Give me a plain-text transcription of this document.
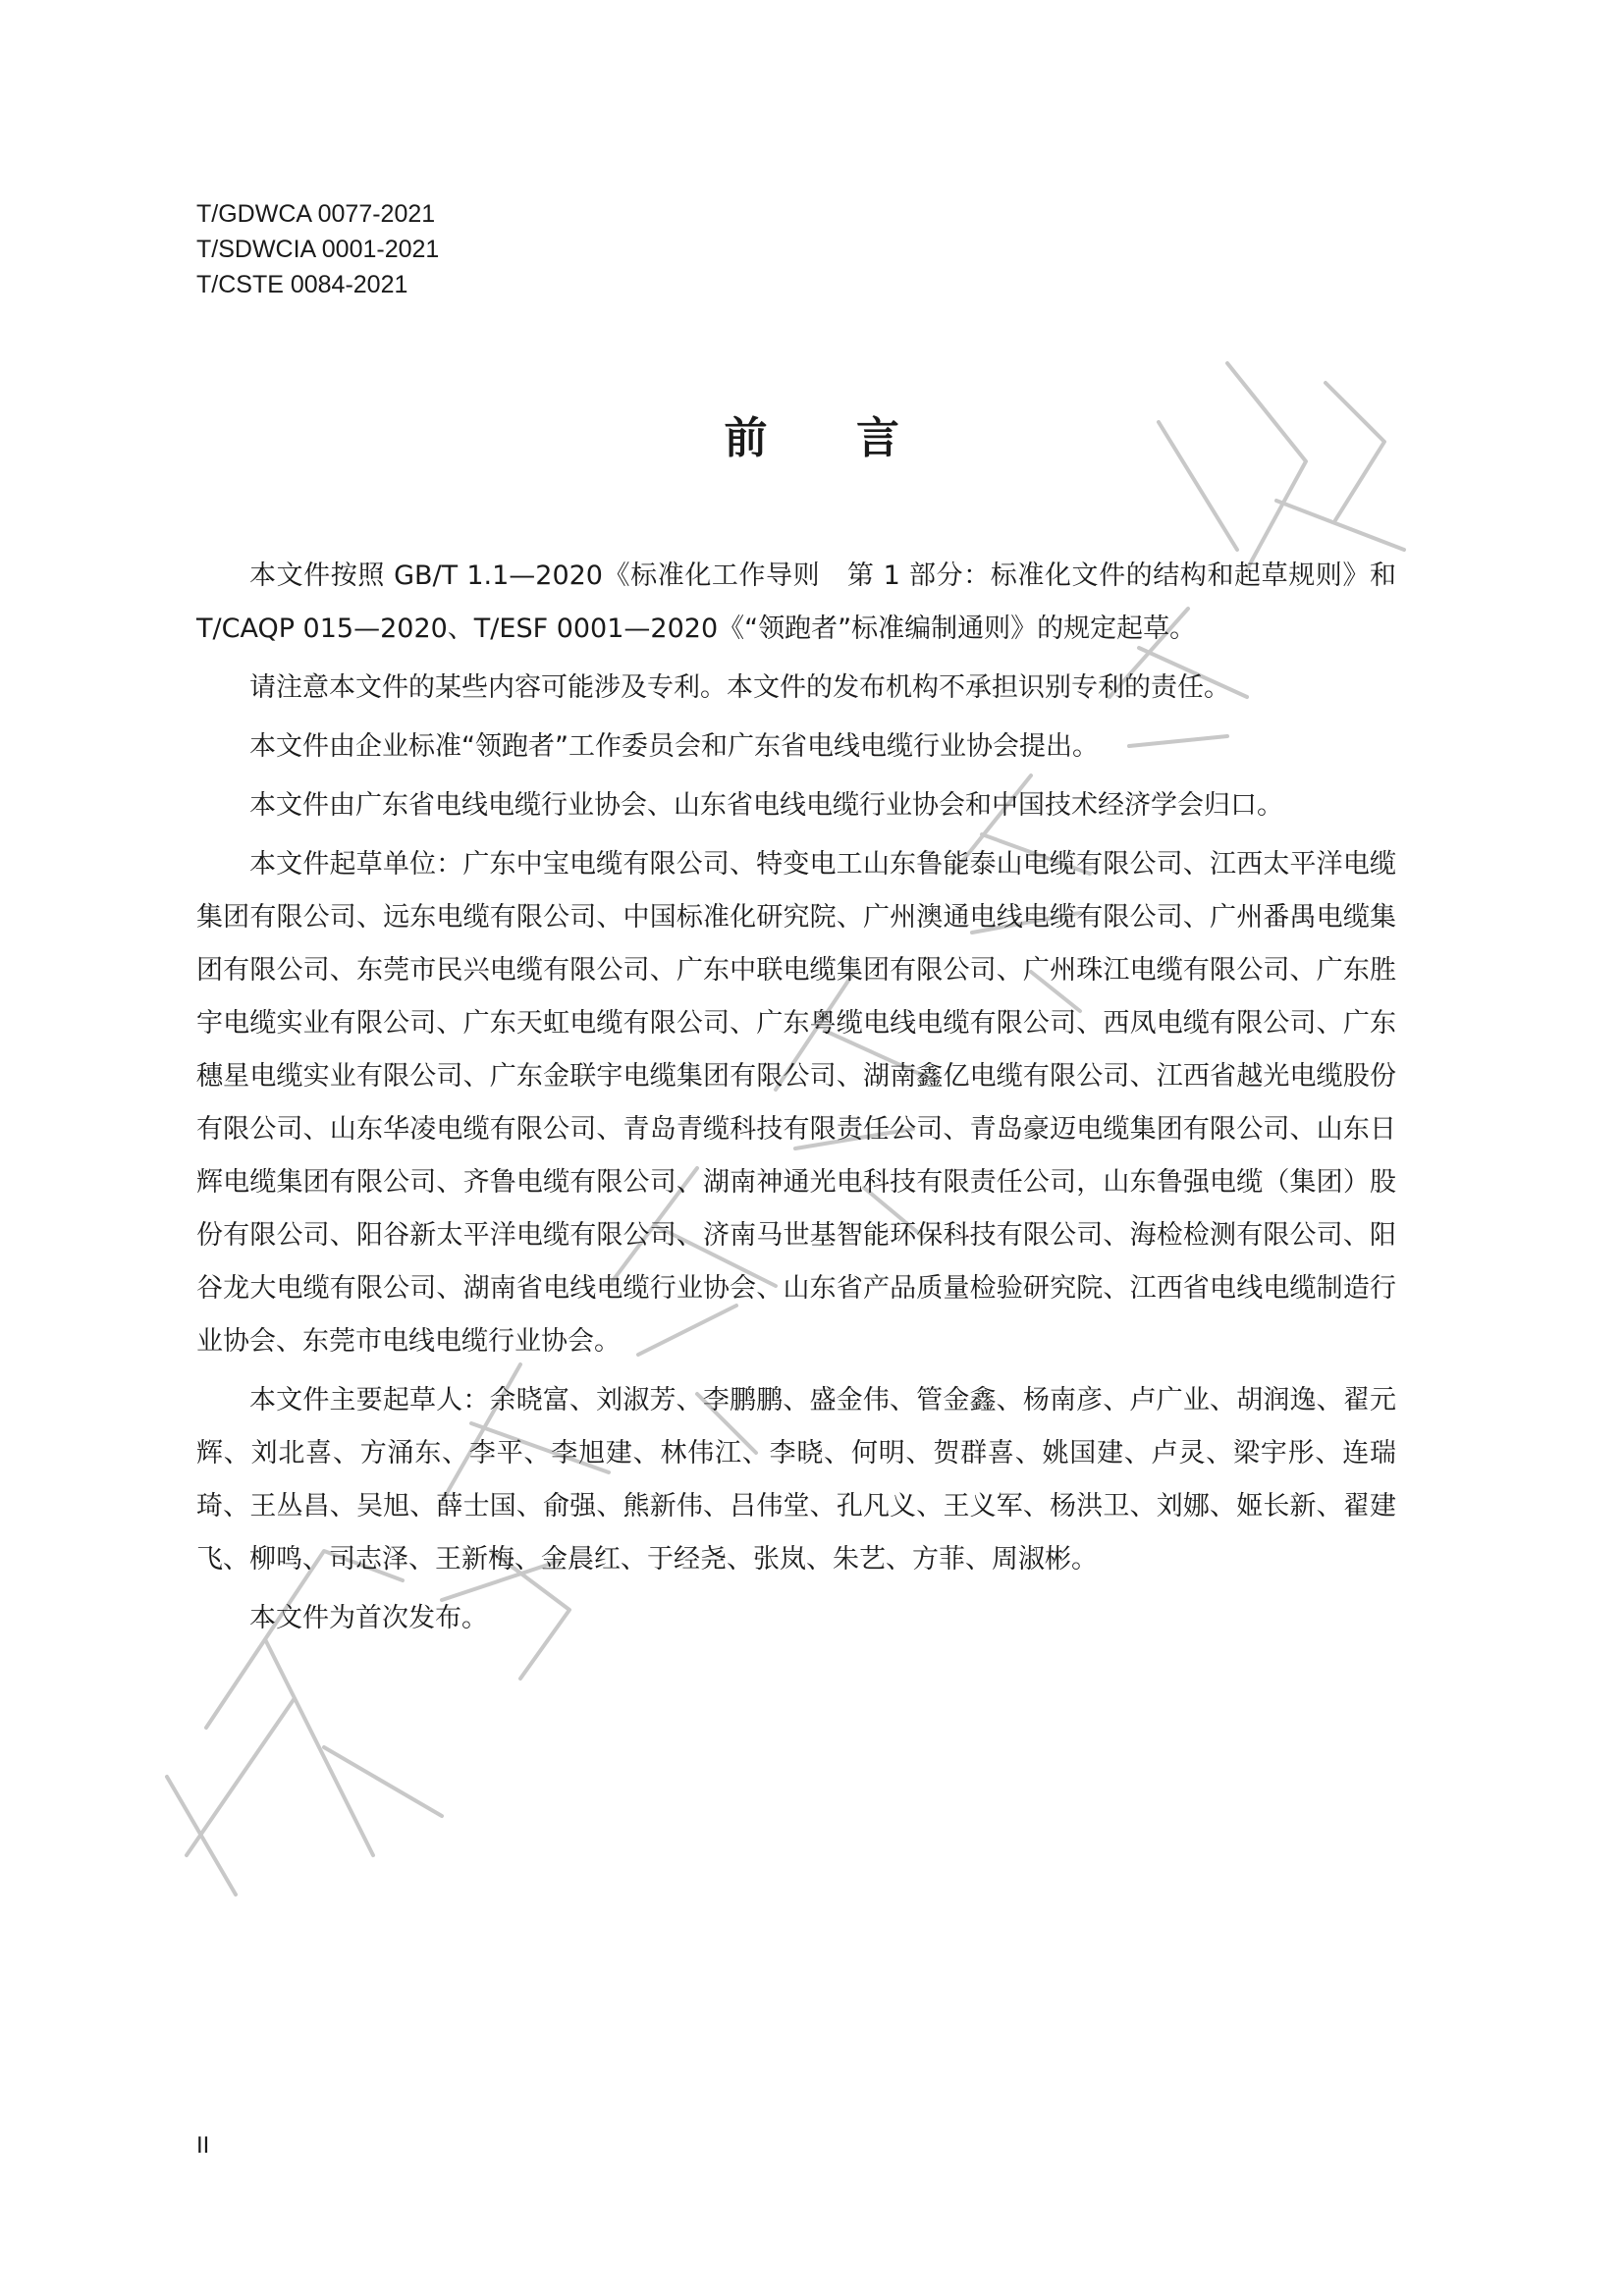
T/GDWCA 0077-2021
T/SDWCIA 0001-2021
T/CSTE 0084-2021
前 言

本文件按照 GB/T 1.1—2020《标准化工作导则　第 1 部分：标准化文件的结构和起草规则》和 T/CAQP 015—2020、T/ESF 0001—2020《“领跑者”标准编制通则》的规定起草。

请注意本文件的某些内容可能涉及专利。本文件的发布机构不承担识别专利的责任。

本文件由企业标准“领跑者”工作委员会和广东省电线电缆行业协会提出。

本文件由广东省电线电缆行业协会、山东省电线电缆行业协会和中国技术经济学会归口。

本文件起草单位：广东中宝电缆有限公司、特变电工山东鲁能泰山电缆有限公司、江西太平洋电缆集团有限公司、远东电缆有限公司、中国标准化研究院、广州澳通电线电缆有限公司、广州番禺电缆集团有限公司、东莞市民兴电缆有限公司、广东中联电缆集团有限公司、广州珠江电缆有限公司、广东胜宇电缆实业有限公司、广东天虹电缆有限公司、广东粤缆电线电缆有限公司、西凤电缆有限公司、广东穗星电缆实业有限公司、广东金联宇电缆集团有限公司、湖南鑫亿电缆有限公司、江西省越光电缆股份有限公司、山东华凌电缆有限公司、青岛青缆科技有限责任公司、青岛豪迈电缆集团有限公司、山东日辉电缆集团有限公司、齐鲁电缆有限公司、湖南神通光电科技有限责任公司，山东鲁强电缆（集团）股份有限公司、阳谷新太平洋电缆有限公司、济南马世基智能环保科技有限公司、海检检测有限公司、阳谷龙大电缆有限公司、湖南省电线电缆行业协会、山东省产品质量检验研究院、江西省电线电缆制造行业协会、东莞市电线电缆行业协会。

本文件主要起草人：余晓富、刘淑芳、李鹏鹏、盛金伟、管金鑫、杨南彦、卢广业、胡润逸、翟元辉、刘北喜、方涌东、李平、李旭建、林伟江、李晓、何明、贺群喜、姚国建、卢灵、梁宇彤、连瑞琦、王丛昌、吴旭、薛士国、俞强、熊新伟、吕伟堂、孔凡义、王义军、杨洪卫、刘娜、姬长新、翟建飞、柳鸣、司志泽、王新梅、金晨红、于经尧、张岚、朱艺、方菲、周淑彬。

本文件为首次发布。

II
